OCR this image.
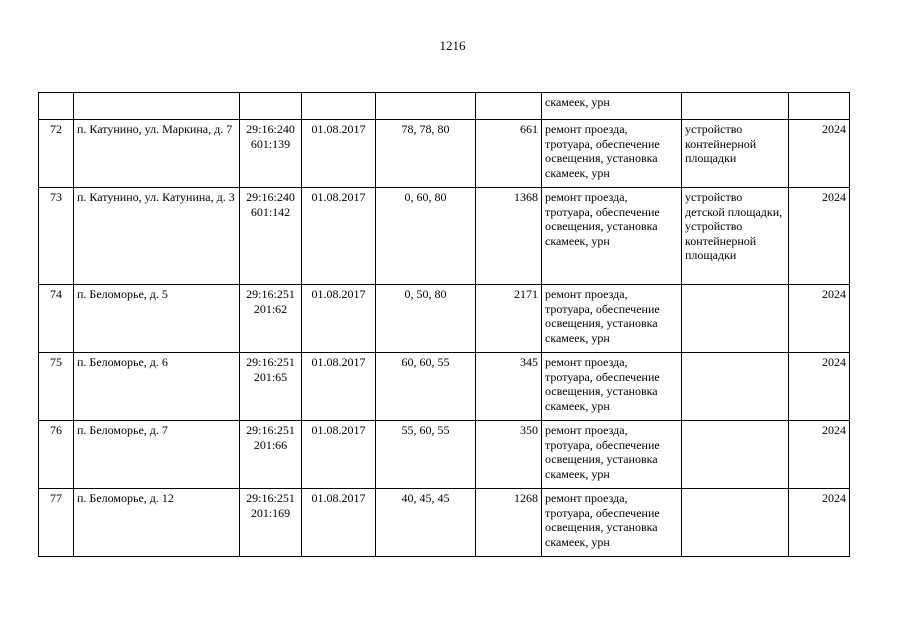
1216
						скамеек, урн		
72	п. Катунино, ул. Маркина, д. 7	29:16:240 601:139	01.08.2017	78, 78, 80	661	ремонт проезда, тротуара, обеспечение освещения, установка скамеек, урн	устройство контейнерной площадки	2024
73	п. Катунино, ул. Катунина, д. 3	29:16:240 601:142	01.08.2017	0, 60, 80	1368	ремонт проезда, тротуара, обеспечение освещения, установка скамеек, урн	устройство детской площадки, устройство контейнерной площадки	2024
74	п. Беломорье, д. 5	29:16:251 201:62	01.08.2017	0, 50, 80	2171	ремонт проезда, тротуара, обеспечение освещения, установка скамеек, урн		2024
75	п. Беломорье, д. 6	29:16:251 201:65	01.08.2017	60, 60, 55	345	ремонт проезда, тротуара, обеспечение освещения, установка скамеек, урн		2024
76	п. Беломорье, д. 7	29:16:251 201:66	01.08.2017	55, 60, 55	350	ремонт проезда, тротуара, обеспечение освещения, установка скамеек, урн		2024
77	п. Беломорье, д. 12	29:16:251 201:169	01.08.2017	40, 45, 45	1268	ремонт проезда, тротуара, обеспечение освещения, установка скамеек, урн		2024
